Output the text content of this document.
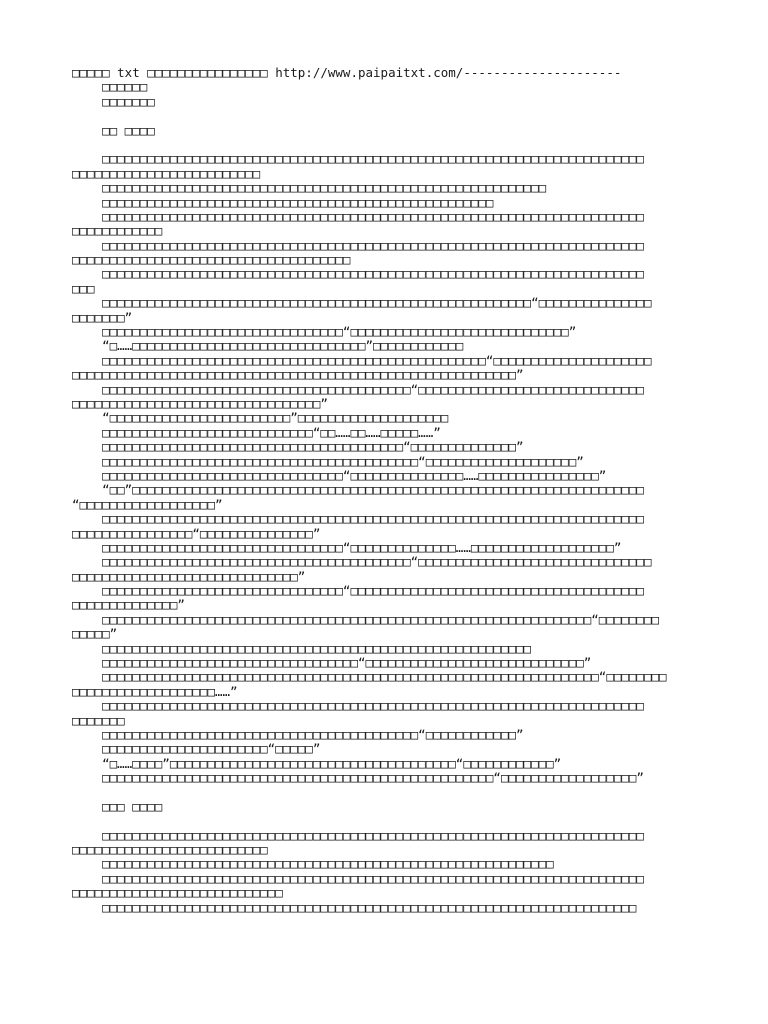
□□□□□ txt □□□□□□□□□□□□□□□□ http://www.paipaitxt.com/---------------------
□□□□□□
□□□□□□□
□□ □□□□
□□□□□□□□□□□□□□□□□□□□□□□□□□□□□□□□□□□□□□□□□□□□□□□□□□□□□□□□□□□□□□□□□□□□□□□□
□□□□□□□□□□□□□□□□□□□□□□□□□
□□□□□□□□□□□□□□□□□□□□□□□□□□□□□□□□□□□□□□□□□□□□□□□□□□□□□□□□□□□
□□□□□□□□□□□□□□□□□□□□□□□□□□□□□□□□□□□□□□□□□□□□□□□□□□□□
□□□□□□□□□□□□□□□□□□□□□□□□□□□□□□□□□□□□□□□□□□□□□□□□□□□□□□□□□□□□□□□□□□□□□□□□
□□□□□□□□□□□□
□□□□□□□□□□□□□□□□□□□□□□□□□□□□□□□□□□□□□□□□□□□□□□□□□□□□□□□□□□□□□□□□□□□□□□□□
□□□□□□□□□□□□□□□□□□□□□□□□□□□□□□□□□□□□□
□□□□□□□□□□□□□□□□□□□□□□□□□□□□□□□□□□□□□□□□□□□□□□□□□□□□□□□□□□□□□□□□□□□□□□□□
□□□
□□□□□□□□□□□□□□□□□□□□□□□□□□□□□□□□□□□□□□□□□□□□□□□□□□□□□□□□□“□□□□□□□□□□□□□□□
□□□□□□□”
□□□□□□□□□□□□□□□□□□□□□□□□□□□□□□□□“□□□□□□□□□□□□□□□□□□□□□□□□□□□□□”
“□……□□□□□□□□□□□□□□□□□□□□□□□□□□□□□□□”□□□□□□□□□□□□
□□□□□□□□□□□□□□□□□□□□□□□□□□□□□□□□□□□□□□□□□□□□□□□□□□□“□□□□□□□□□□□□□□□□□□□□□
□□□□□□□□□□□□□□□□□□□□□□□□□□□□□□□□□□□□□□□□□□□□□□□□□□□□□□□□□□□”
□□□□□□□□□□□□□□□□□□□□□□□□□□□□□□□□□□□□□□□□□“□□□□□□□□□□□□□□□□□□□□□□□□□□□□□□
□□□□□□□□□□□□□□□□□□□□□□□□□□□□□□□□□”
“□□□□□□□□□□□□□□□□□□□□□□□□”□□□□□□□□□□□□□□□□□□□□
□□□□□□□□□□□□□□□□□□□□□□□□□□□□“□□……□□……□□□□□……”
□□□□□□□□□□□□□□□□□□□□□□□□□□□□□□□□□□□□□□□□“□□□□□□□□□□□□□□”
□□□□□□□□□□□□□□□□□□□□□□□□□□□□□□□□□□□□□□□□□□“□□□□□□□□□□□□□□□□□□□□”
□□□□□□□□□□□□□□□□□□□□□□□□□□□□□□□□“□□□□□□□□□□□□□□□……□□□□□□□□□□□□□□□□”
“□□”□□□□□□□□□□□□□□□□□□□□□□□□□□□□□□□□□□□□□□□□□□□□□□□□□□□□□□□□□□□□□□□□□□□□
“□□□□□□□□□□□□□□□□□□”
□□□□□□□□□□□□□□□□□□□□□□□□□□□□□□□□□□□□□□□□□□□□□□□□□□□□□□□□□□□□□□□□□□□□□□□□
□□□□□□□□□□□□□□□□“□□□□□□□□□□□□□□□”
□□□□□□□□□□□□□□□□□□□□□□□□□□□□□□□□“□□□□□□□□□□□□□□……□□□□□□□□□□□□□□□□□□□”
□□□□□□□□□□□□□□□□□□□□□□□□□□□□□□□□□□□□□□□□□“□□□□□□□□□□□□□□□□□□□□□□□□□□□□□□□
□□□□□□□□□□□□□□□□□□□□□□□□□□□□□□”
□□□□□□□□□□□□□□□□□□□□□□□□□□□□□□□□“□□□□□□□□□□□□□□□□□□□□□□□□□□□□□□□□□□□□□□□
□□□□□□□□□□□□□□”
□□□□□□□□□□□□□□□□□□□□□□□□□□□□□□□□□□□□□□□□□□□□□□□□□□□□□□□□□□□□□□□□□“□□□□□□□□
□□□□□”
□□□□□□□□□□□□□□□□□□□□□□□□□□□□□□□□□□□□□□□□□□□□□□□□□□□□□□□□□
□□□□□□□□□□□□□□□□□□□□□□□□□□□□□□□□□□“□□□□□□□□□□□□□□□□□□□□□□□□□□□□□”
□□□□□□□□□□□□□□□□□□□□□□□□□□□□□□□□□□□□□□□□□□□□□□□□□□□□□□□□□□□□□□□□□□“□□□□□□□□
□□□□□□□□□□□□□□□□□□□……”
□□□□□□□□□□□□□□□□□□□□□□□□□□□□□□□□□□□□□□□□□□□□□□□□□□□□□□□□□□□□□□□□□□□□□□□□
□□□□□□□
□□□□□□□□□□□□□□□□□□□□□□□□□□□□□□□□□□□□□□□□□□“□□□□□□□□□□□□”
□□□□□□□□□□□□□□□□□□□□□□“□□□□□”
“□……□□□□”□□□□□□□□□□□□□□□□□□□□□□□□□□□□□□□□□□□□□□“□□□□□□□□□□□□”
□□□□□□□□□□□□□□□□□□□□□□□□□□□□□□□□□□□□□□□□□□□□□□□□□□□□“□□□□□□□□□□□□□□□□□□”
□□□ □□□□
□□□□□□□□□□□□□□□□□□□□□□□□□□□□□□□□□□□□□□□□□□□□□□□□□□□□□□□□□□□□□□□□□□□□□□□□
□□□□□□□□□□□□□□□□□□□□□□□□□□
□□□□□□□□□□□□□□□□□□□□□□□□□□□□□□□□□□□□□□□□□□□□□□□□□□□□□□□□□□□□
□□□□□□□□□□□□□□□□□□□□□□□□□□□□□□□□□□□□□□□□□□□□□□□□□□□□□□□□□□□□□□□□□□□□□□□□
□□□□□□□□□□□□□□□□□□□□□□□□□□□□
□□□□□□□□□□□□□□□□□□□□□□□□□□□□□□□□□□□□□□□□□□□□□□□□□□□□□□□□□□□□□□□□□□□□□□□
